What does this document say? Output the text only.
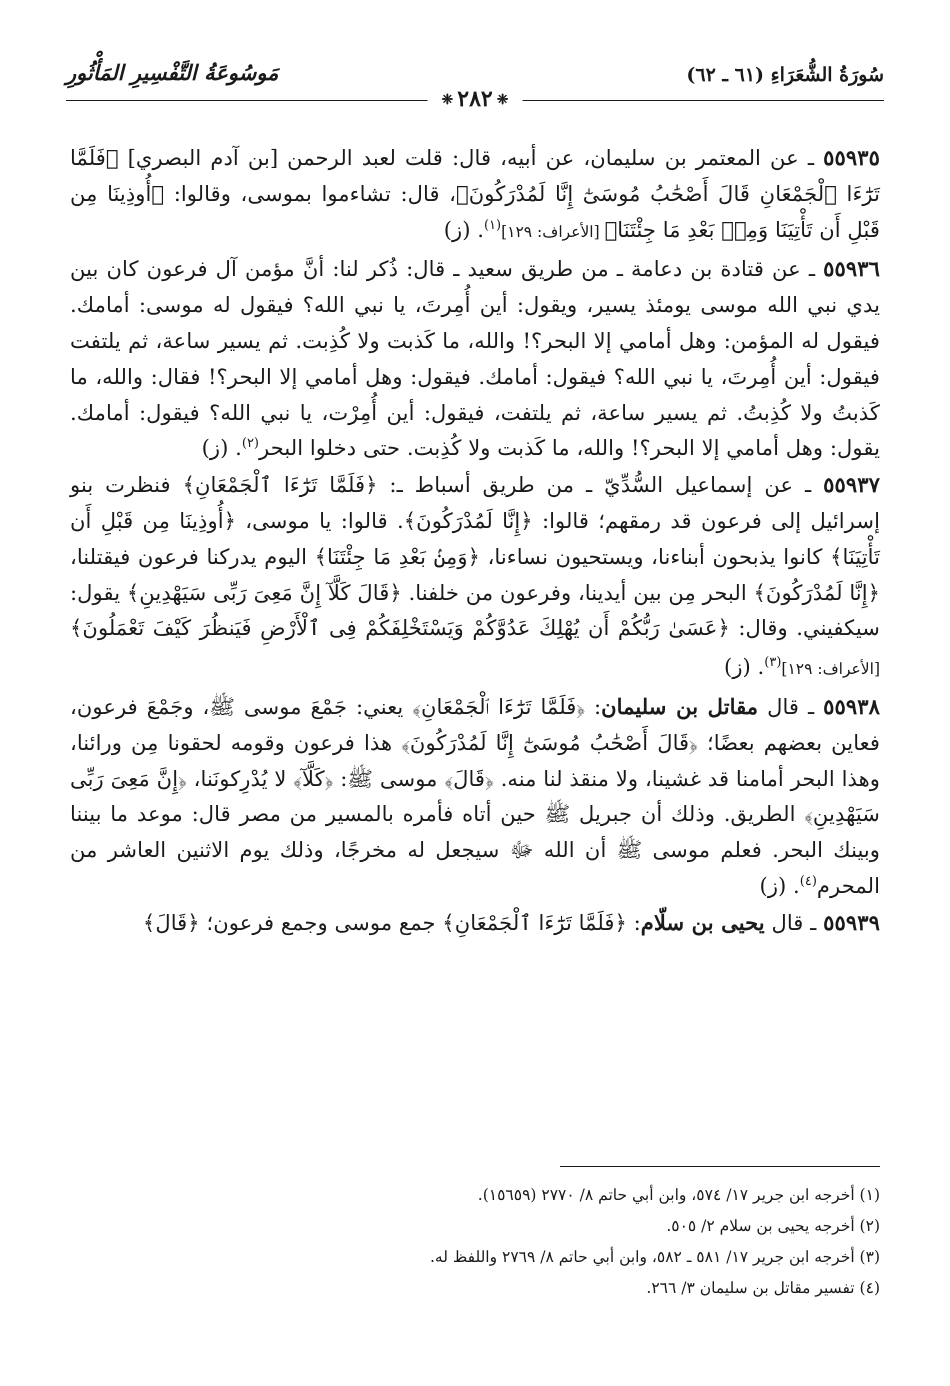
سُورَةُ الشُّعَرَاءِ (٦١ ـ ٦٢)
مَوسُوعَةُ التَّفْسِيرِ المَأْثُورِ
❈٢٨٢❈

٥٥٩٣٥ ـ عن المعتمر بن سليمان، عن أبيه، قال: قلت لعبد الرحمن [بن آدم البصري] ﴿فَلَمَّا تَرَٰٓءَا ٱلْجَمْعَانِ قَالَ أَصْحَٰبُ مُوسَىٰٓ إِنَّا لَمُدْرَكُونَ﴾، قال: تشاءموا بموسى، وقالوا: ﴿أُوذِينَا مِن قَبْلِ أَن تَأْتِيَنَا وَمِنۢ بَعْدِ مَا جِئْتَنَا﴾ [الأعراف: ١٢٩]$^{(١)}$. (ز)

٥٥٩٣٦ ـ عن قتادة بن دعامة ـ من طريق سعيد ـ قال: ذُكر لنا: أنَّ مؤمن آل فرعون كان بين يدي نبي الله موسى يومئذ يسير، ويقول: أين أُمِرتَ، يا نبي الله؟ فيقول له موسى: أمامك. فيقول له المؤمن: وهل أمامي إلا البحر؟! والله، ما كَذبت ولا كُذِبت. ثم يسير ساعة، ثم يلتفت فيقول: أين أُمِرتَ، يا نبي الله؟ فيقول: أمامك. فيقول: وهل أمامي إلا البحر؟! فقال: والله، ما كَذبتُ ولا كُذِبتُ. ثم يسير ساعة، ثم يلتفت، فيقول: أين أُمِرْت، يا نبي الله؟ فيقول: أمامك. يقول: وهل أمامي إلا البحر؟! والله، ما كَذبت ولا كُذِبت. حتى دخلوا البحر$^{(٢)}$. (ز)

٥٥٩٣٧ ـ عن إسماعيل السُّدِّيّ ـ من طريق أسباط ـ: ﴿فَلَمَّا تَرَٰٓءَا ٱلْجَمْعَانِ﴾ فنظرت بنو إسرائيل إلى فرعون قد رمقهم؛ قالوا: ﴿إِنَّا لَمُدْرَكُونَ﴾. قالوا: يا موسى، ﴿أُوذِينَا مِن قَبْلِ أَن تَأْتِيَنَا﴾ كانوا يذبحون أبناءنا، ويستحيون نساءنا، ﴿وَمِنۢ بَعْدِ مَا جِئْتَنَا﴾ اليوم يدركنا فرعون فيقتلنا، ﴿إِنَّا لَمُدْرَكُونَ﴾ البحر مِن بين أيدينا، وفرعون من خلفنا. ﴿قَالَ كَلَّآ إِنَّ مَعِىَ رَبِّى سَيَهْدِينِ﴾ يقول: سيكفيني. وقال: ﴿عَسَىٰ رَبُّكُمْ أَن يُهْلِكَ عَدُوَّكُمْ وَيَسْتَخْلِفَكُمْ فِى ٱلْأَرْضِ فَيَنظُرَ كَيْفَ تَعْمَلُونَ﴾ [الأعراف: ١٢٩]$^{(٣)}$. (ز)

٥٥٩٣٨ ـ قال مقاتل بن سليمان: ﴿فَلَمَّا تَرَٰٓءَا ٱلْجَمْعَانِ﴾ يعني: جَمْعَ موسى ﷺ، وجَمْعَ فرعون، فعاين بعضهم بعضًا؛ ﴿قَالَ أَصْحَٰبُ مُوسَىٰٓ إِنَّا لَمُدْرَكُونَ﴾ هذا فرعون وقومه لحقونا مِن ورائنا، وهذا البحر أمامنا قد غشينا، ولا منقذ لنا منه. ﴿قَالَ﴾ موسى ﷺ: ﴿كَلَّآ﴾ لا يُدْرِكونَنا، ﴿إِنَّ مَعِىَ رَبِّى سَيَهْدِينِ﴾ الطريق. وذلك أن جبريل ﷺ حين أتاه فأمره بالمسير من مصر قال: موعد ما بيننا وبينك البحر. فعلم موسى ﷺ أن الله ﷻ سيجعل له مخرجًا، وذلك يوم الاثنين العاشر من المحرم$^{(٤)}$. (ز)

٥٥٩٣٩ ـ قال يحيى بن سلّام: ﴿فَلَمَّا تَرَٰٓءَا ٱلْجَمْعَانِ﴾ جمع موسى وجمع فرعون؛ ﴿قَالَ﴾

(١) أخرجه ابن جرير ١٧/ ٥٧٤، وابن أبي حاتم ٨/ ٢٧٧٠ (١٥٦٥٩).
(٢) أخرجه يحيى بن سلام ٢/ ٥٠٥.
(٣) أخرجه ابن جرير ١٧/ ٥٨١ ـ ٥٨٢، وابن أبي حاتم ٨/ ٢٧٦٩ واللفظ له.
(٤) تفسير مقاتل بن سليمان ٣/ ٢٦٦.
